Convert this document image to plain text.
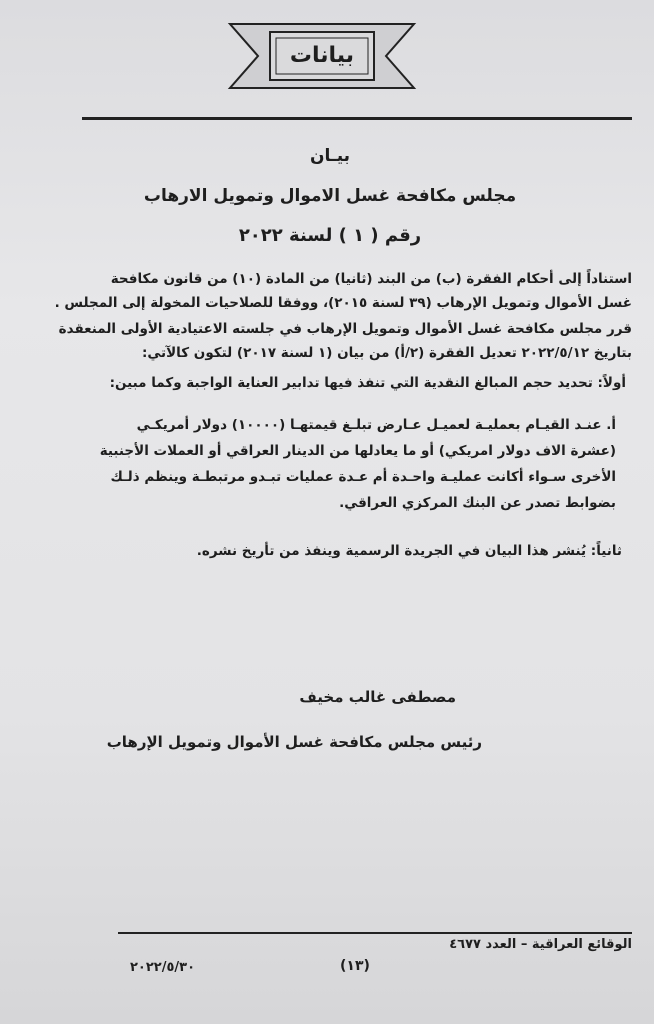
بيانات
بيـان
مجلس مكافحة غسل الاموال وتمويل الارهاب
رقم ( ١ ) لسنة ٢٠٢٢
استناداً إلى أحكام الفقرة (ب) من البند (ثانيا) من المادة (١٠) من قانون مكافحة
غسل الأموال وتمويل الإرهاب (٣٩ لسنة ٢٠١٥)، ووفقا للصلاحيات المخولة إلى المجلس .
قرر مجلس مكافحة غسل الأموال وتمويل الإرهاب في جلسته الاعتيادية الأولى المنعقدة
بتاريخ ٢٠٢٢/٥/١٢ تعديل الفقرة (٢/أ) من بيان (١ لسنة ٢٠١٧) لتكون كالآتي:
أولاً: تحديد حجم المبالغ النقدية التي تنفذ فيها تدابير العناية الواجبة وكما مبين:
أ. عنـد القيـام بعمليـة لعميـل عـارض تبلـغ قيمتهـا (١٠٠٠٠) دولار أمريكـي
(عشرة الاف دولار امريكي) أو ما يعادلها من الدينار العراقي أو العملات الأجنبية
الأخرى سـواء أكانت عمليـة واحـدة أم عـدة عمليات تبـدو مرتبطـة وينظم ذلـك
بضوابط تصدر عن البنك المركزي العراقي.
ثانياً: يُنشر هذا البيان في الجريدة الرسمية وينفذ من تأريخ نشره.
مصطفى غالب مخيف
رئيس مجلس مكافحة غسل الأموال وتمويل الإرهاب
الوقائع العراقية – العدد ٤٦٧٧
(١٣)
٢٠٢٢/٥/٣٠
